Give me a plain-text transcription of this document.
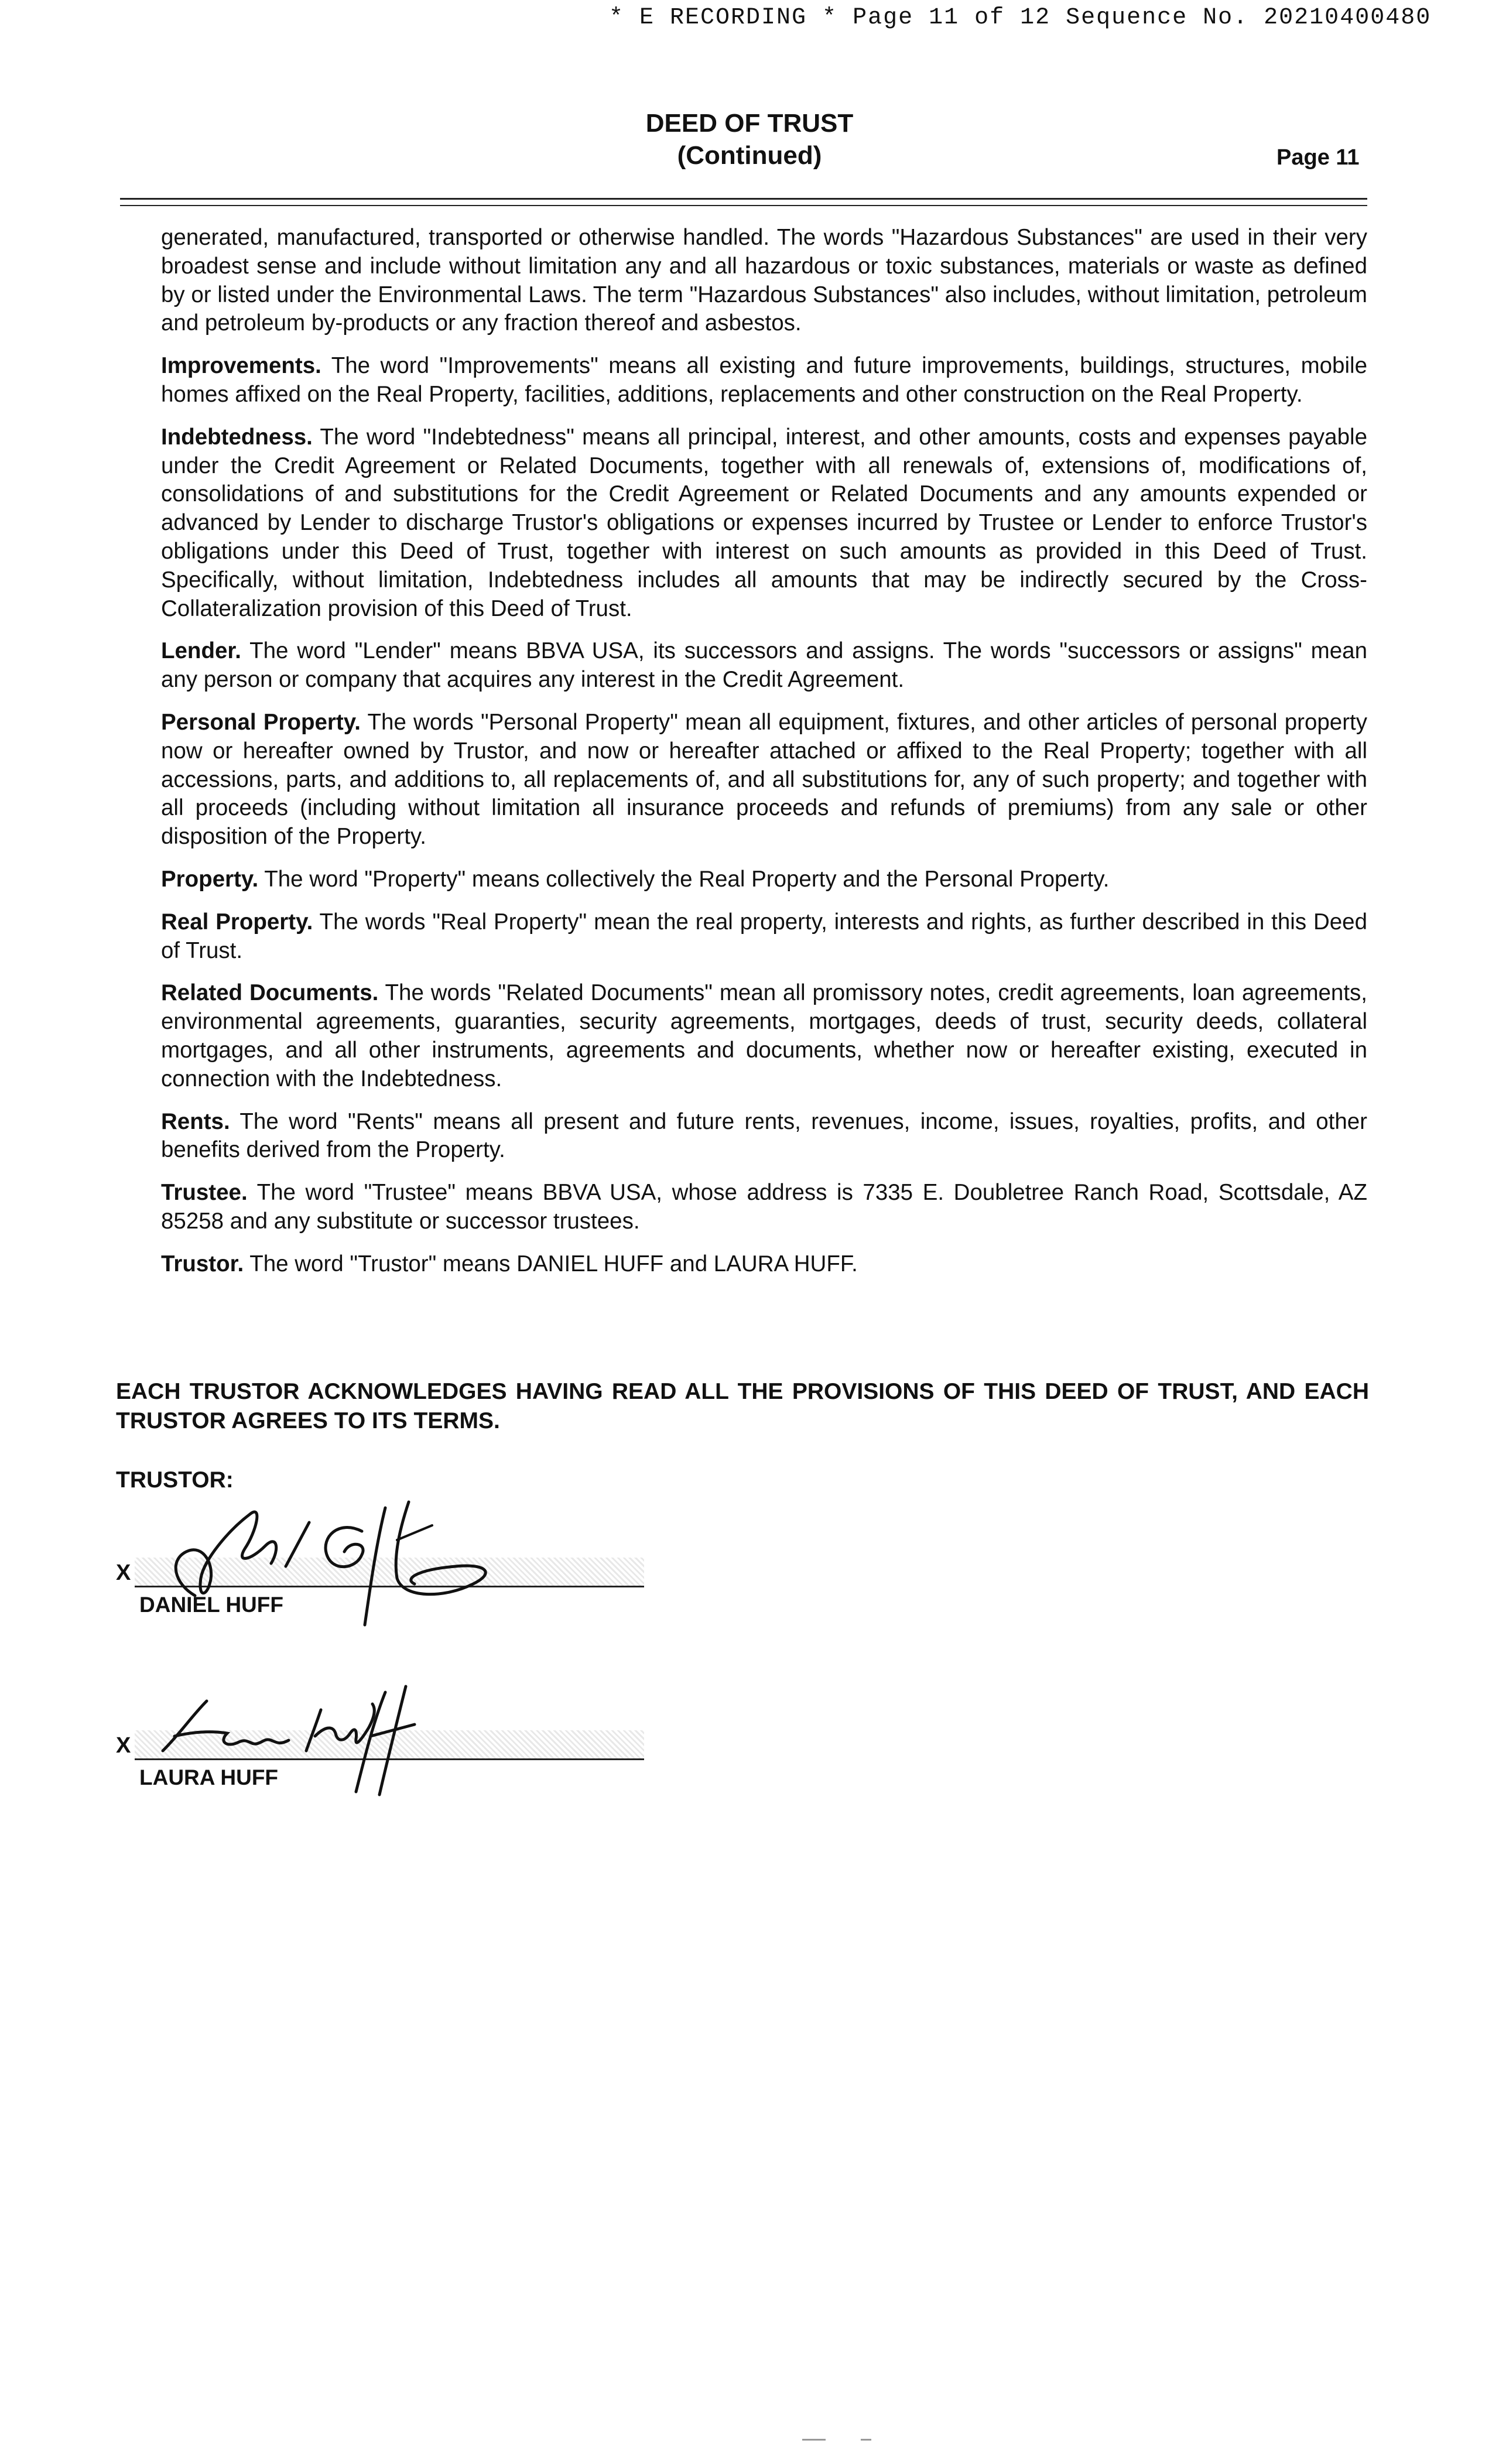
* E RECORDING * Page 11 of 12 Sequence No. 20210400480
DEED OF TRUST
(Continued)	Page 11

generated, manufactured, transported or otherwise handled. The words "Hazardous Substances" are used in their very broadest sense and include without limitation any and all hazardous or toxic substances, materials or waste as defined by or listed under the Environmental Laws. The term "Hazardous Substances" also includes, without limitation, petroleum and petroleum by-products or any fraction thereof and asbestos.

Improvements. The word "Improvements" means all existing and future improvements, buildings, structures, mobile homes affixed on the Real Property, facilities, additions, replacements and other construction on the Real Property.

Indebtedness. The word "Indebtedness" means all principal, interest, and other amounts, costs and expenses payable under the Credit Agreement or Related Documents, together with all renewals of, extensions of, modifications of, consolidations of and substitutions for the Credit Agreement or Related Documents and any amounts expended or advanced by Lender to discharge Trustor's obligations or expenses incurred by Trustee or Lender to enforce Trustor's obligations under this Deed of Trust, together with interest on such amounts as provided in this Deed of Trust. Specifically, without limitation, Indebtedness includes all amounts that may be indirectly secured by the Cross-Collateralization provision of this Deed of Trust.

Lender. The word "Lender" means BBVA USA, its successors and assigns. The words "successors or assigns" mean any person or company that acquires any interest in the Credit Agreement.

Personal Property. The words "Personal Property" mean all equipment, fixtures, and other articles of personal property now or hereafter owned by Trustor, and now or hereafter attached or affixed to the Real Property; together with all accessions, parts, and additions to, all replacements of, and all substitutions for, any of such property; and together with all proceeds (including without limitation all insurance proceeds and refunds of premiums) from any sale or other disposition of the Property.

Property. The word "Property" means collectively the Real Property and the Personal Property.

Real Property. The words "Real Property" mean the real property, interests and rights, as further described in this Deed of Trust.

Related Documents. The words "Related Documents" mean all promissory notes, credit agreements, loan agreements, environmental agreements, guaranties, security agreements, mortgages, deeds of trust, security deeds, collateral mortgages, and all other instruments, agreements and documents, whether now or hereafter existing, executed in connection with the Indebtedness.

Rents. The word "Rents" means all present and future rents, revenues, income, issues, royalties, profits, and other benefits derived from the Property.

Trustee. The word "Trustee" means BBVA USA, whose address is 7335 E. Doubletree Ranch Road, Scottsdale, AZ 85258 and any substitute or successor trustees.

Trustor. The word "Trustor" means DANIEL HUFF and LAURA HUFF.

EACH TRUSTOR ACKNOWLEDGES HAVING READ ALL THE PROVISIONS OF THIS DEED OF TRUST, AND EACH TRUSTOR AGREES TO ITS TERMS.
TRUSTOR:
X
DANIEL HUFF
X
LAURA HUFF
